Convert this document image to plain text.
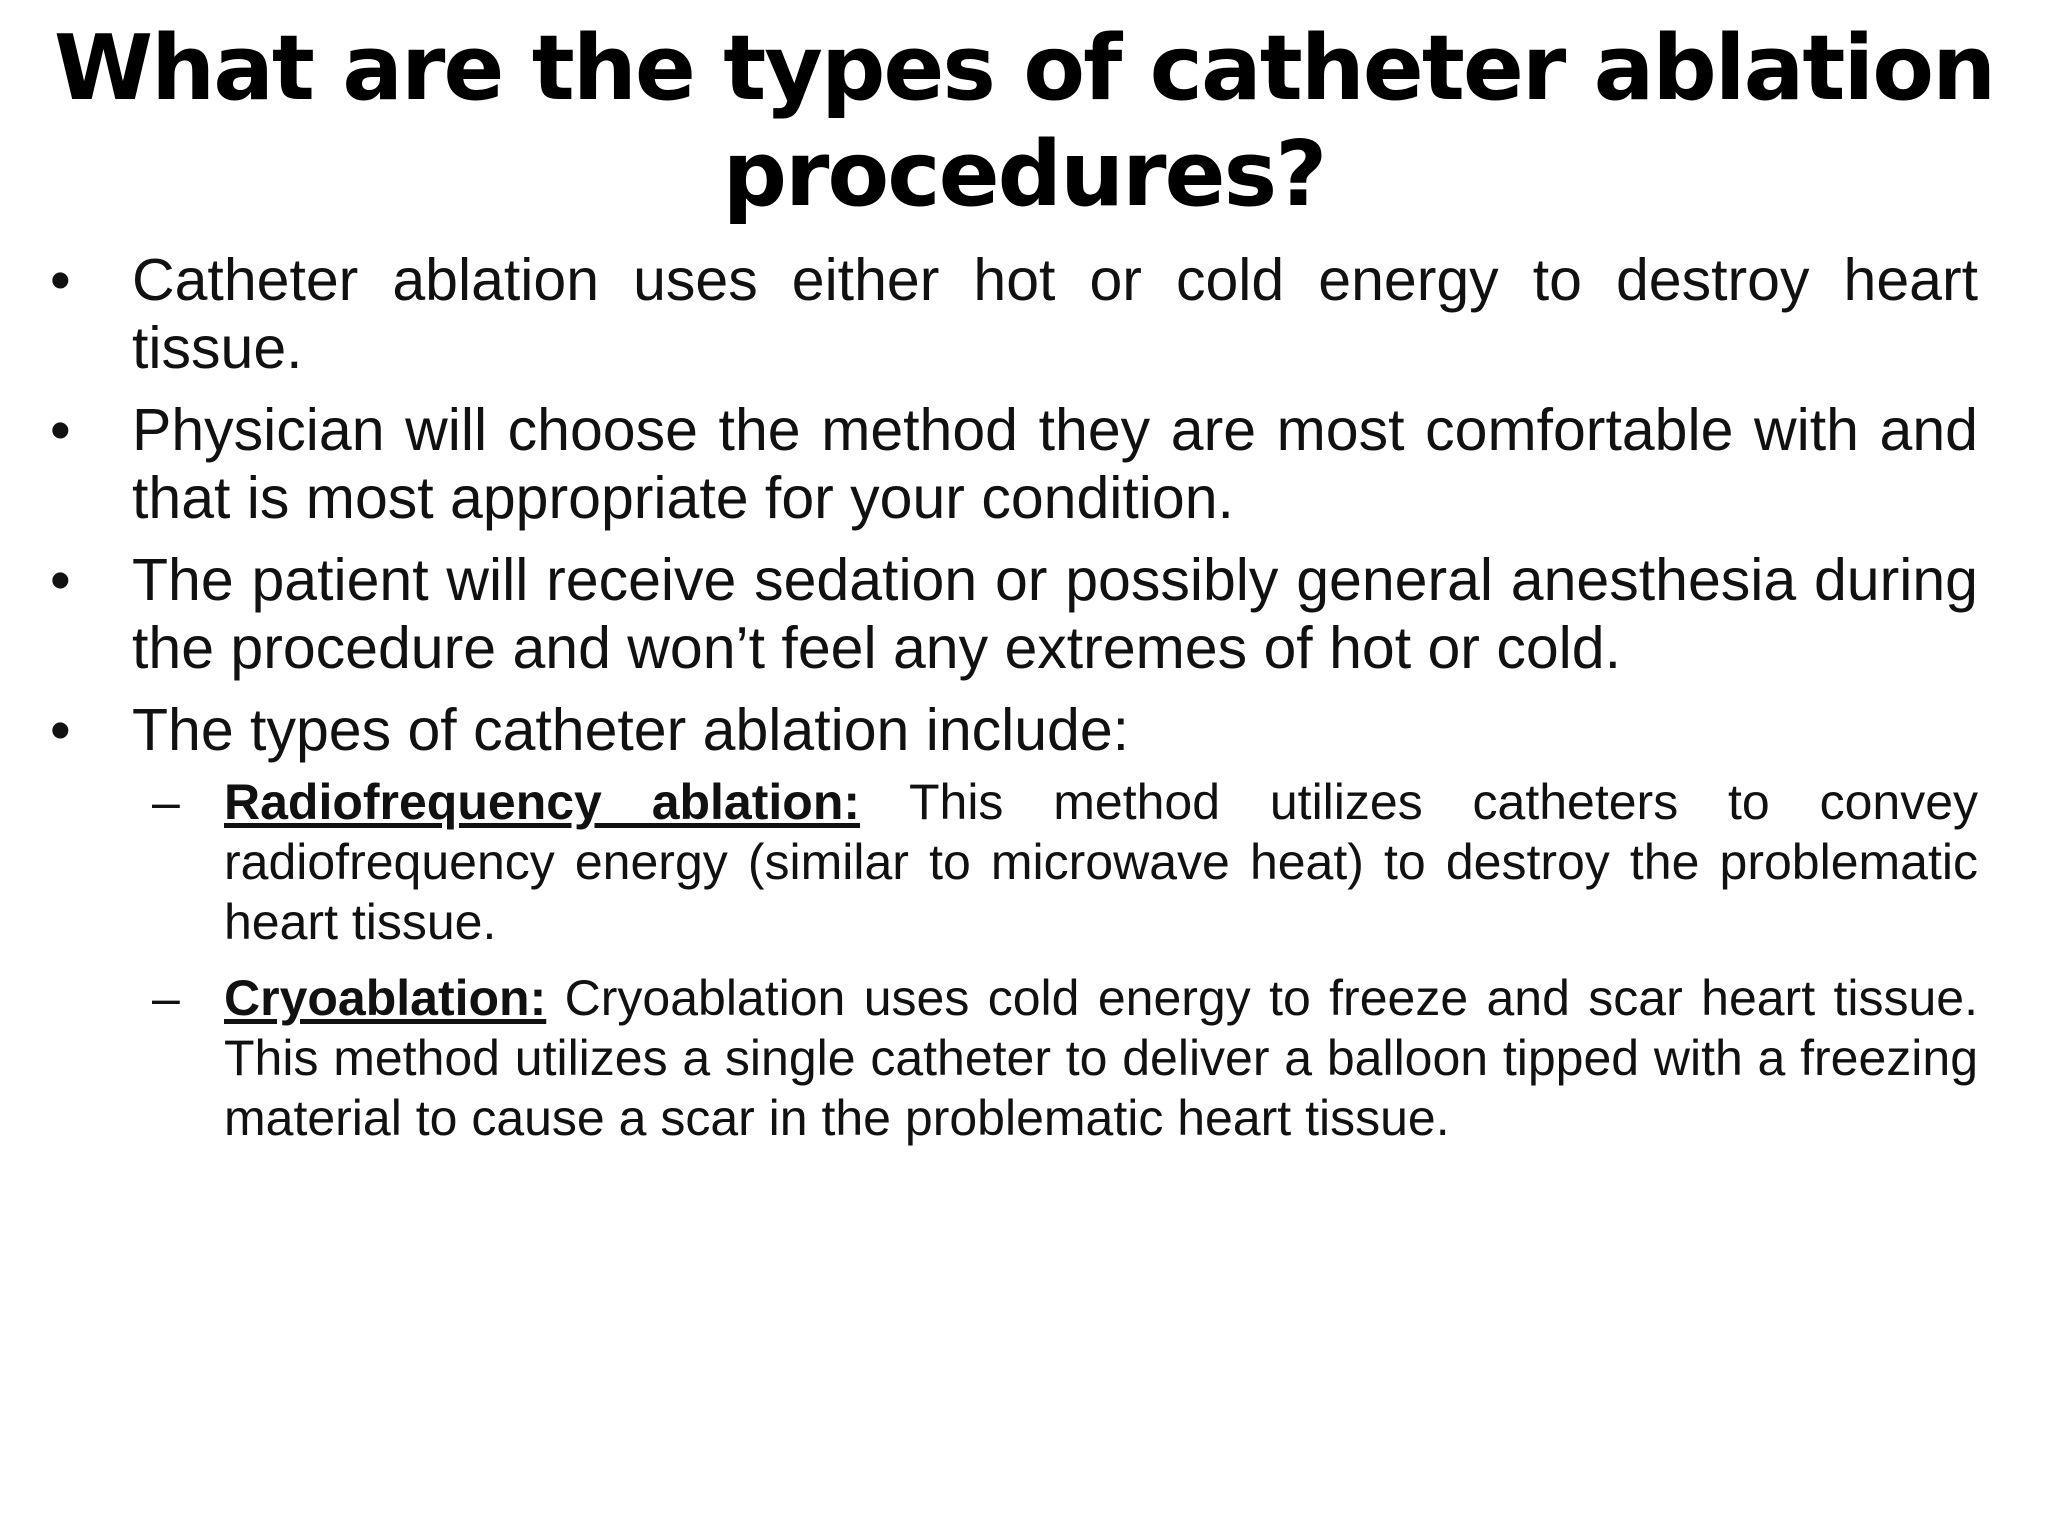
What are the types of catheter ablation
procedures?
• Catheter ablation uses either hot or cold energy to destroy heart tissue.
• Physician will choose the method they are most comfortable with and that is most appropriate for your condition.
• The patient will receive sedation or possibly general anesthesia during the procedure and won’t feel any extremes of hot or cold.
• The types of catheter ablation include:
– Radiofrequency ablation: This method utilizes catheters to convey radiofrequency energy (similar to microwave heat) to destroy the problematic heart tissue.
– Cryoablation: Cryoablation uses cold energy to freeze and scar heart tissue. This method utilizes a single catheter to deliver a balloon tipped with a freezing material to cause a scar in the problematic heart tissue.
